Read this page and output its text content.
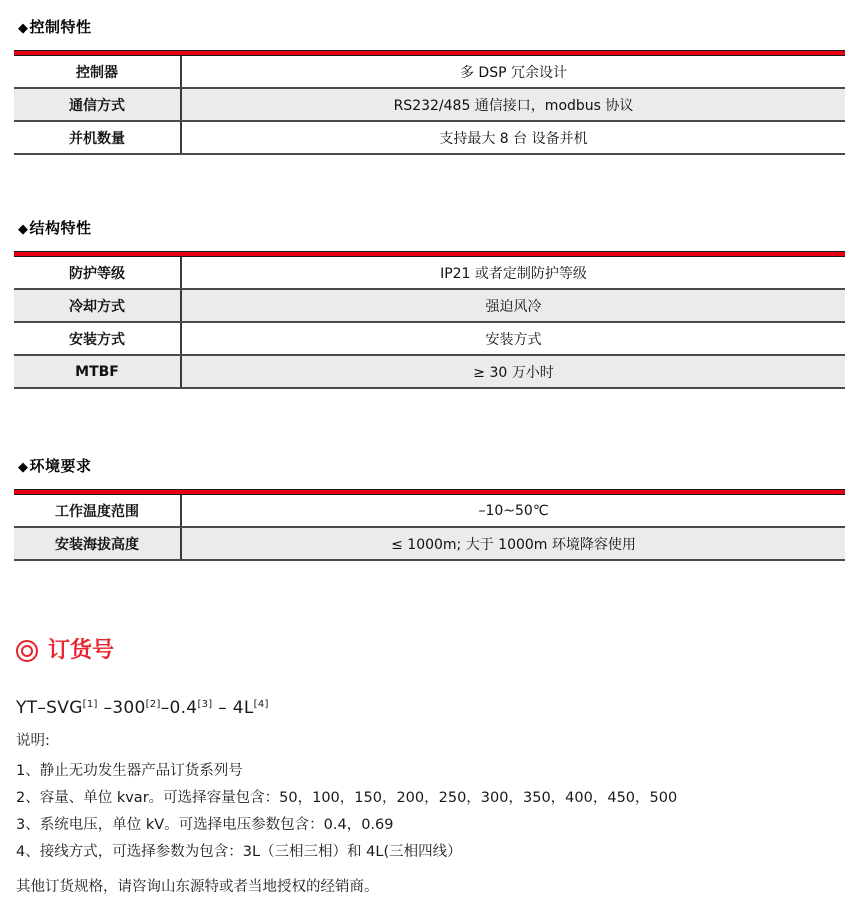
◆控制特性
控制器	多 DSP 冗余设计
通信方式	RS232/485 通信接口，modbus 协议
并机数量	支持最大 8 台 设备并机
◆结构特性
防护等级	IP21 或者定制防护等级
冷却方式	强迫风冷
安装方式	安装方式
MTBF	≥ 30 万小时
◆环境要求
工作温度范围	–10~50℃
安装海拔高度	≤ 1000m; 大于 1000m 环境降容使用
订货号
YT–SVG[1] –300[2]–0.4[3] – 4L[4]
说明:
1、静止无功发生器产品订货系列号
2、容量、单位 kvar。可选择容量包含：50，100，150，200，250，300，350，400，450，500
3、系统电压，单位 kV。可选择电压参数包含：0.4，0.69
4、接线方式，可选择参数为包含：3L（三相三相）和 4L(三相四线）
其他订货规格，请咨询山东源特或者当地授权的经销商。
